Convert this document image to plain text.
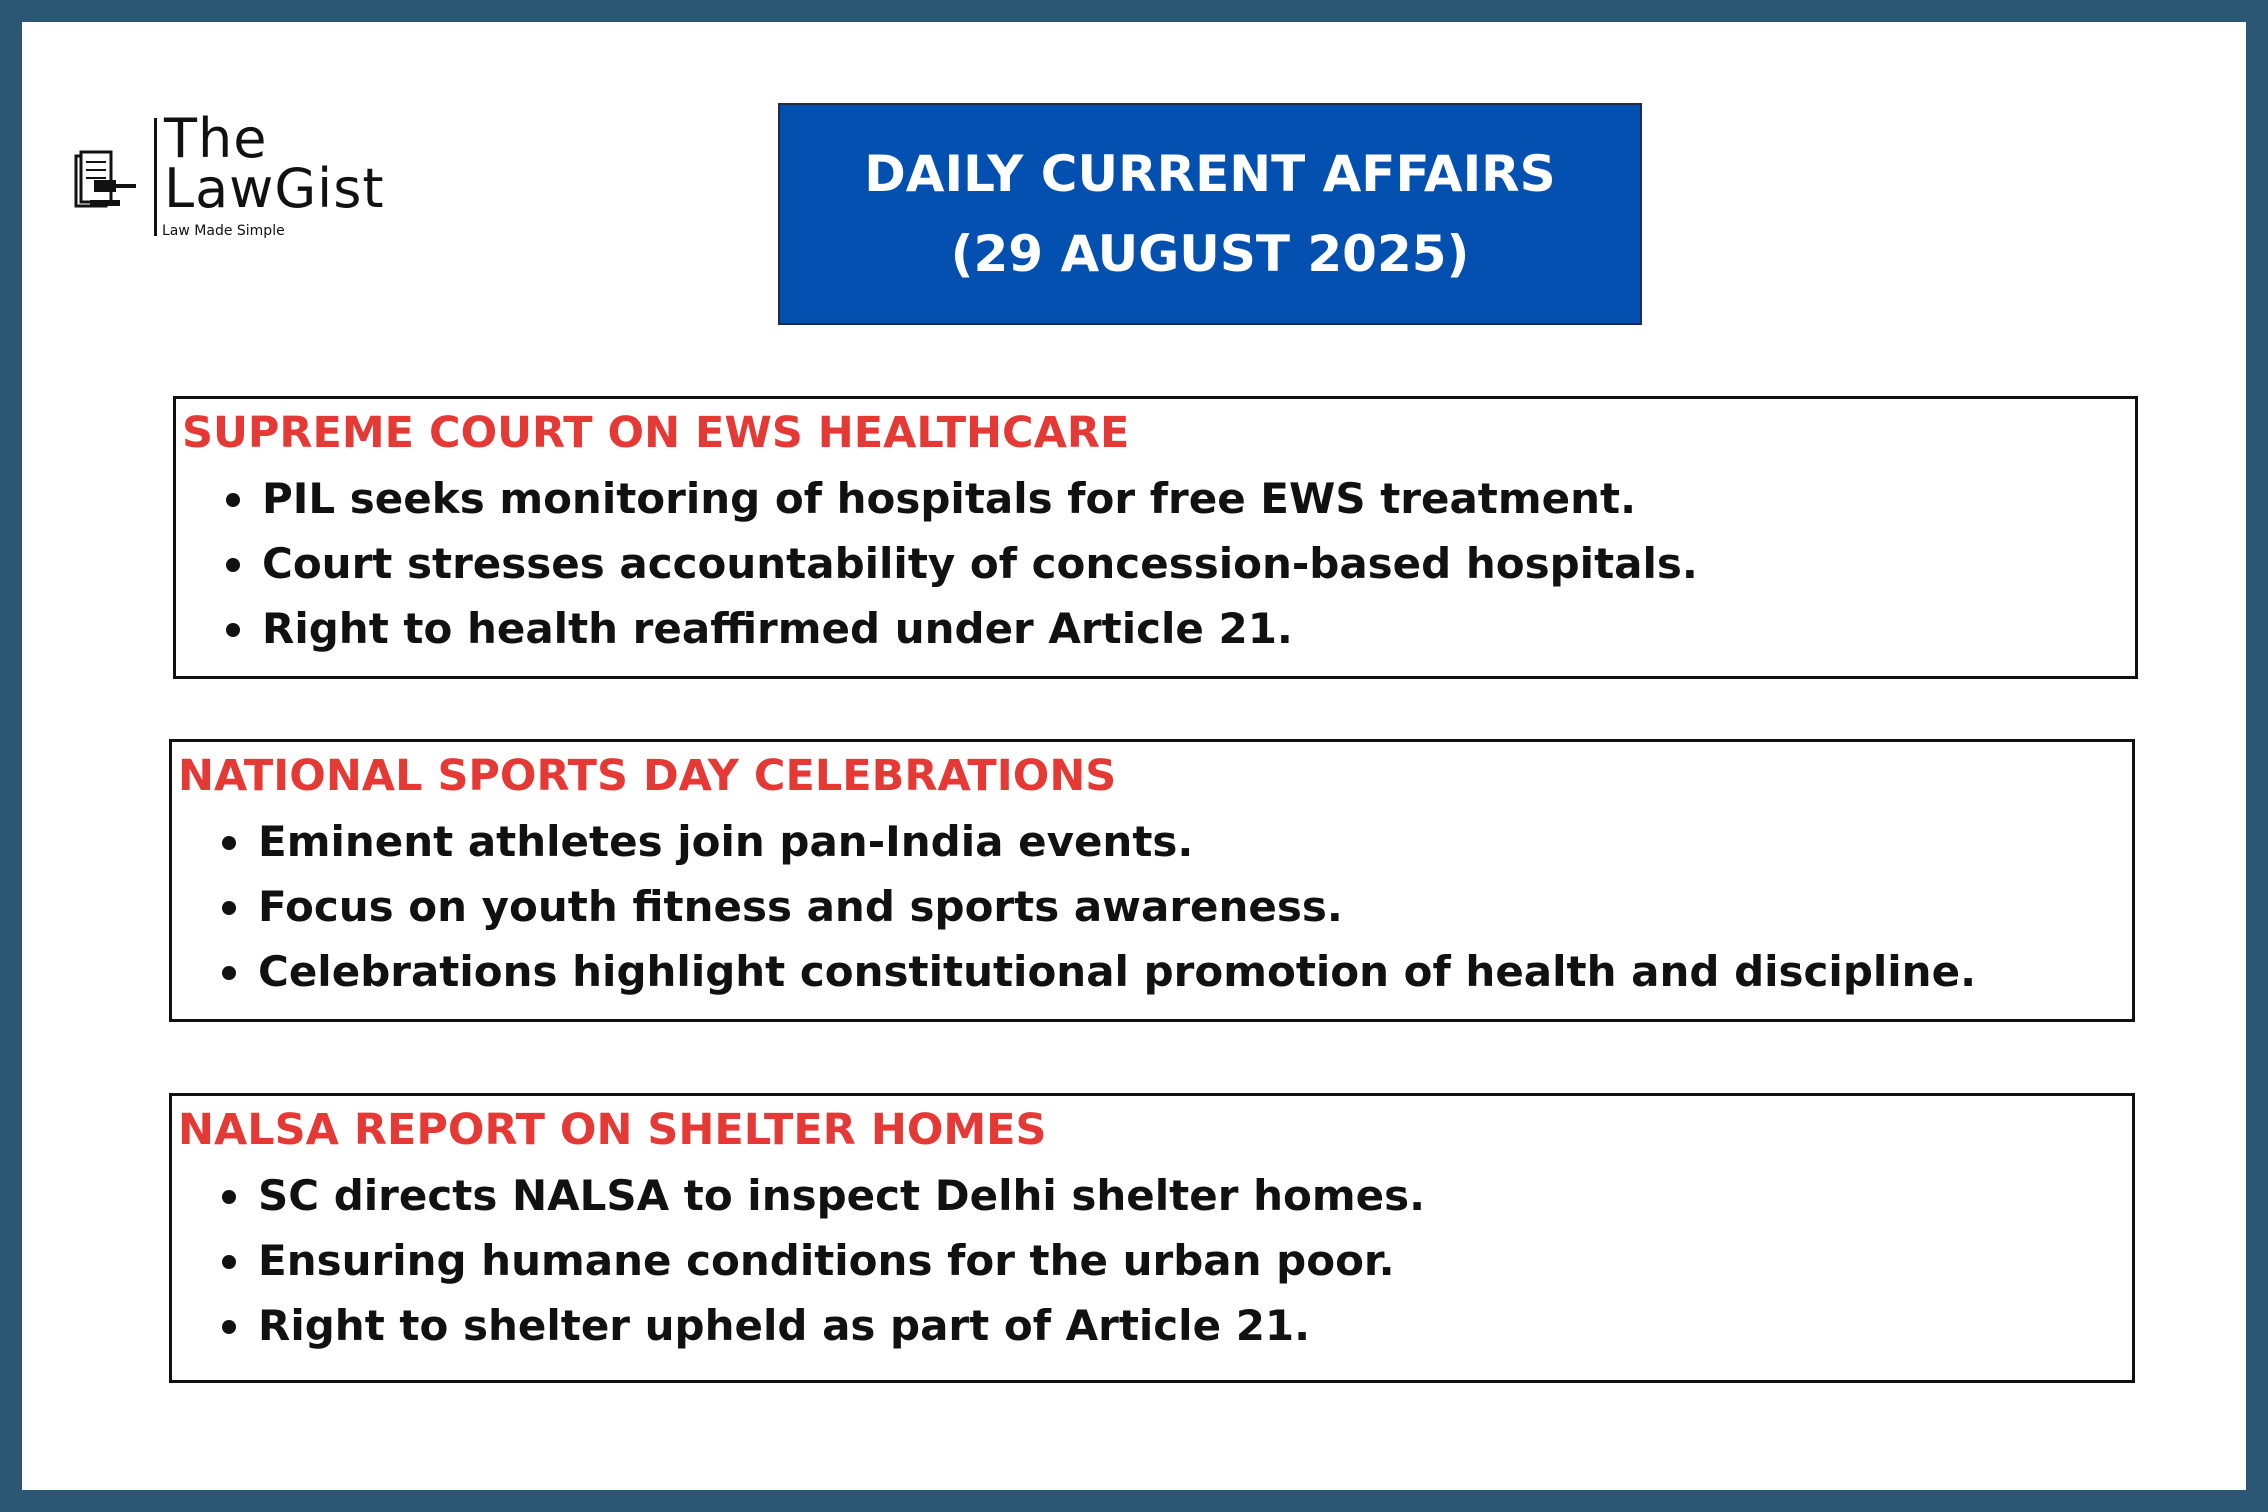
The
LawGist
Law Made Simple
DAILY CURRENT AFFAIRS
(29 AUGUST 2025)
SUPREME COURT ON EWS HEALTHCARE
PIL seeks monitoring of hospitals for free EWS treatment.
Court stresses accountability of concession-based hospitals.
Right to health reaffirmed under Article 21.
NATIONAL SPORTS DAY CELEBRATIONS
Eminent athletes join pan-India events.
Focus on youth fitness and sports awareness.
Celebrations highlight constitutional promotion of health and discipline.
NALSA REPORT ON SHELTER HOMES
SC directs NALSA to inspect Delhi shelter homes.
Ensuring humane conditions for the urban poor.
Right to shelter upheld as part of Article 21.
